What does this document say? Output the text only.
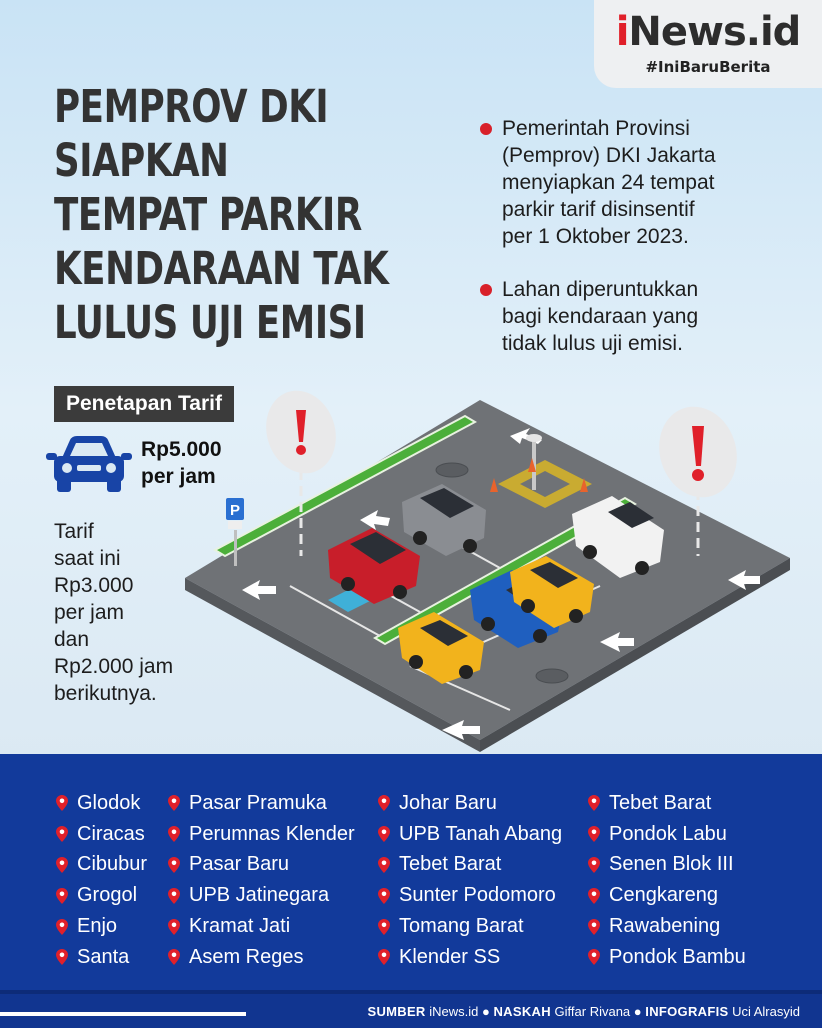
iNews.id
#IniBaruBerita
PEMPROV DKI
SIAPKAN
TEMPAT PARKIR
KENDARAAN TAK
LULUS UJI EMISI

Pemerintah Provinsi
(Pemprov) DKI Jakarta
menyiapkan 24 tempat
parkir tarif disinsentif
per 1 Oktober 2023.

Lahan diperuntukkan
bagi kendaraan yang
tidak lulus uji emisi.

Penetapan Tarif
Rp5.000
per jam
Tarif
saat ini
Rp3.000
per jam
dan
Rp2.000 jam
berikutnya.
P
Glodok
Ciracas
Cibubur
Grogol
Enjo
Santa
Pasar Pramuka
Perumnas Klender
Pasar Baru
UPB Jatinegara
Kramat Jati
Asem Reges
Johar Baru
UPB Tanah Abang
Tebet Barat
Sunter Podomoro
Tomang Barat
Klender SS
Tebet Barat
Pondok Labu
Senen Blok III
Cengkareng
Rawabening
Pondok Bambu
SUMBER iNews.id ● NASKAH Giffar Rivana ● INFOGRAFIS Uci Alrasyid
